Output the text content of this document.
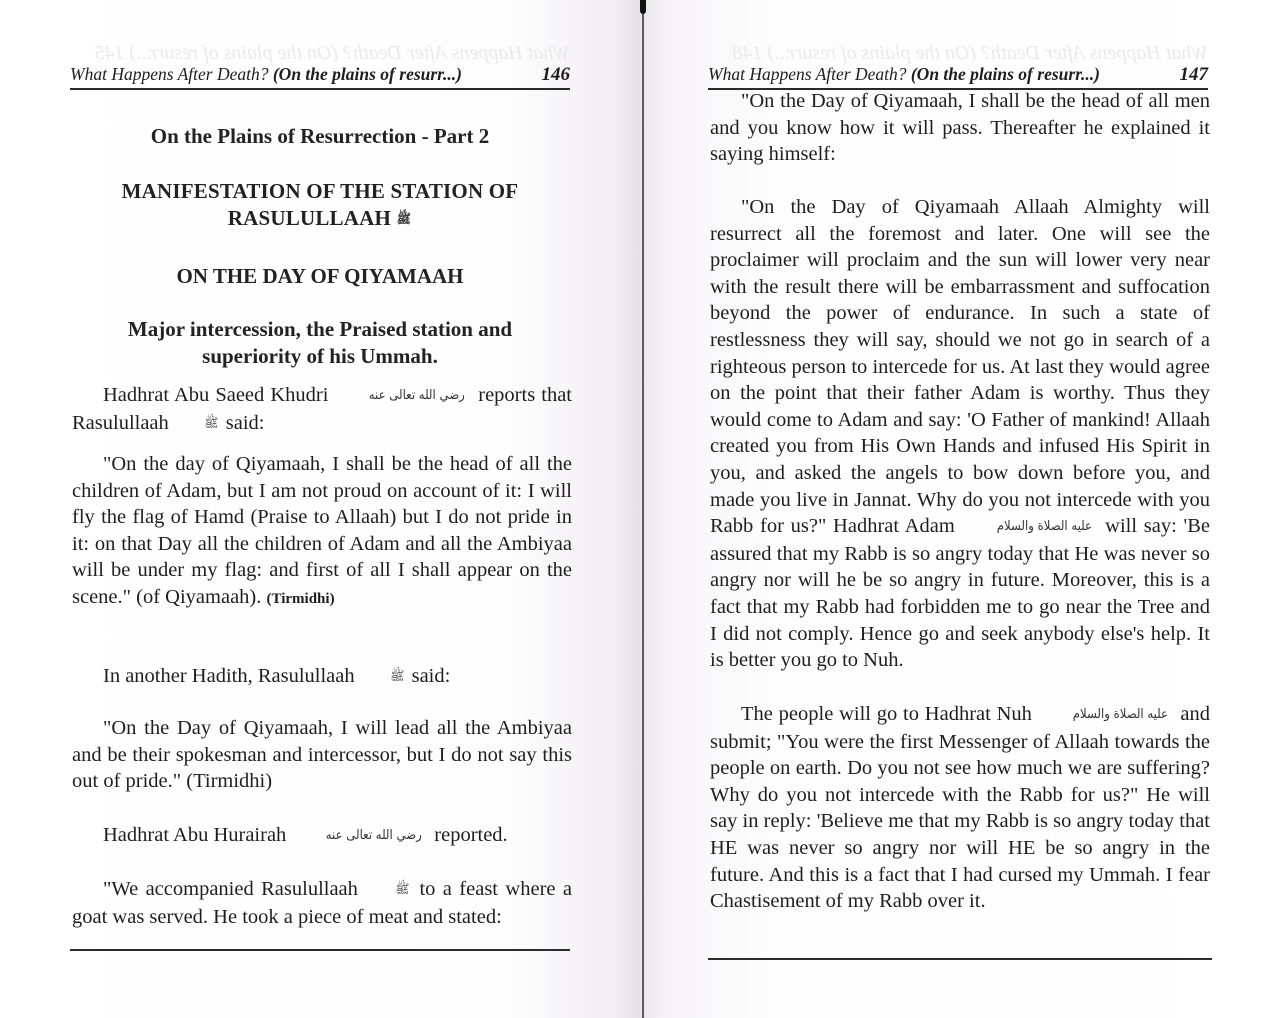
What Happens After Death? (On the plains of resurr...) 145
What Happens After Death? (On the plains of resurr...)	146
On the Plains of Resurrection - Part 2
MANIFESTATION OF THE STATION OF
RASULULLAAH ﷺ
ON THE DAY OF QIYAMAAH
Major intercession, the Praised station and
superiority of his Ummah.

Hadhrat Abu Saeed Khudri	رضي الله تعالى عنه reports that Rasulullaah ﷺ said:

"On the day of Qiyamaah, I shall be the head of all the children of Adam, but I am not proud on account of it: I will fly the flag of Hamd (Praise to Allaah) but I do not pride in it: on that Day all the children of Adam and all the Ambiyaa will be under my flag: and first of all I shall appear on the scene." (of Qiyamaah). (Tirmidhi)

In another Hadith, Rasulullaah ﷺ said:

"On the Day of Qiyamaah, I will lead all the Ambiyaa and be their spokesman and intercessor, but I do not say this out of pride." (Tirmidhi)

Hadhrat Abu Hurairah	رضي الله تعالى عنه reported.

"We accompanied Rasulullaah ﷺ to a feast where a goat was served. He took a piece of meat and stated:

What Happens After Death? (On the plains of resurr...) 148
What Happens After Death? (On the plains of resurr...)	147

"On the Day of Qiyamaah, I shall be the head of all men and you know how it will pass. Thereafter he explained it saying himself:

"On the Day of Qiyamaah Allaah Almighty will resurrect all the foremost and later. One will see the proclaimer will proclaim and the sun will lower very near with the result there will be embarrassment and suffocation beyond the power of endurance. In such a state of restlessness they will say, should we not go in search of a righteous person to intercede for us. At last they would agree on the point that their father Adam is worthy. Thus they would come to Adam and say: 'O Father of mankind! Allaah created you from His Own Hands and infused His Spirit in you, and asked the angels to bow down before you, and made you live in Jannat. Why do you not intercede with you Rabb for us?" Hadhrat Adam	عليه الصلاة والسلام will say: 'Be assured that my Rabb is so angry today that He was never so angry nor will he be so angry in future. Moreover, this is a fact that my Rabb had forbidden me to go near the Tree and I did not comply. Hence go and seek anybody else's help. It is better you go to Nuh.

The people will go to Hadhrat Nuh	عليه الصلاة والسلام and submit; "You were the first Messenger of Allaah towards the people on earth. Do you not see how much we are suffering? Why do you not intercede with the Rabb for us?" He will say in reply: 'Believe me that my Rabb is so angry today that HE was never so angry nor will HE be so angry in the future. And this is a fact that I had cursed my Ummah. I fear Chastisement of my Rabb over it.
